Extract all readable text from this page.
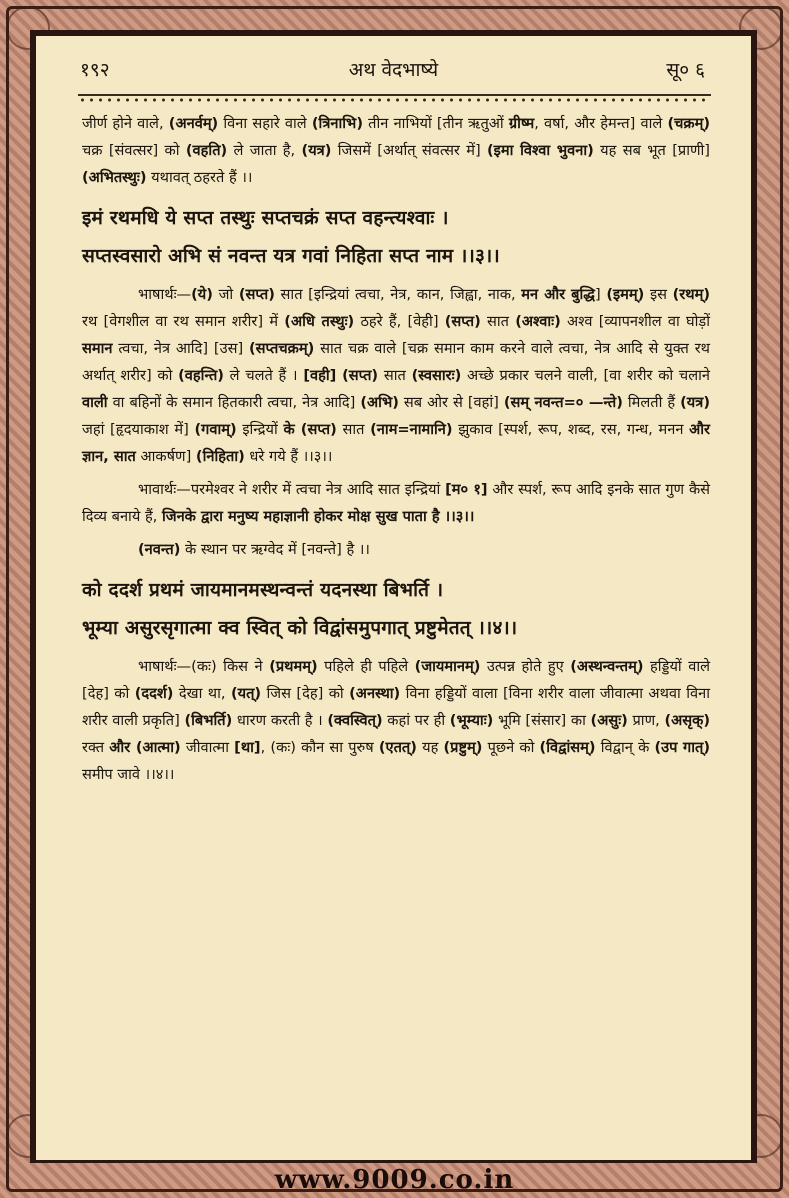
१९२	अथ वेदभाष्ये	सू० ६

जीर्ण होने वाले, (अनर्वम्) विना सहारे वाले (त्रिनाभि) तीन नाभियों [तीन ऋतुओं ग्रीष्म, वर्षा, और हेमन्त] वाले (चक्रम्) चक्र [संवत्सर] को (वहति) ले जाता है, (यत्र) जिसमें [अर्थात् संवत्सर में] (इमा विश्वा भुवना) यह सब भूत [प्राणी] (अभितस्थुः) यथावत् ठहरते हैं ।।

इमं रथमधि ये सप्त तस्थुः सप्तचक्रं सप्त वहन्त्यश्वाः ।

सप्तस्वसारो अभि सं नवन्त यत्र गवां निहिता सप्त नाम ।।३।।

भाषार्थः—(ये) जो (सप्त) सात [इन्द्रियां त्वचा, नेत्र, कान, जिह्वा, नाक, मन और बुद्धि] (इमम्) इस (रथम्) रथ [वेगशील वा रथ समान शरीर] में (अधि तस्थुः) ठहरे हैं, [वेही] (सप्त) सात (अश्वाः) अश्व [व्यापनशील वा घोड़ों समान त्वचा, नेत्र आदि] [उस] (सप्तचक्रम्) सात चक्र वाले [चक्र समान काम करने वाले त्वचा, नेत्र आदि से युक्त रथ अर्थात् शरीर] को (वहन्ति) ले चलते हैं । [वही] (सप्त) सात (स्वसारः) अच्छे प्रकार चलने वाली, [वा शरीर को चलाने वाली वा बहिनों के समान हितकारी त्वचा, नेत्र आदि] (अभि) सब ओर से [वहां] (सम् नवन्त=० —न्ते) मिलती हैं (यत्र) जहां [हृदयाकाश में] (गवाम्) इन्द्रियों के (सप्त) सात (नाम=नामानि) झुकाव [स्पर्श, रूप, शब्द, रस, गन्ध, मनन और ज्ञान, सात आकर्षण] (निहिता) धरे गये हैं ।।३।।

भावार्थः—परमेश्वर ने शरीर में त्वचा नेत्र आदि सात इन्द्रियां [म० १] और स्पर्श, रूप आदि इनके सात गुण कैसे दिव्य बनाये हैं, जिनके द्वारा मनुष्य महाज्ञानी होकर मोक्ष सुख पाता है ।।३।।

(नवन्त) के स्थान पर ऋग्वेद में [नवन्ते] है ।।

को ददर्श प्रथमं जायमानमस्थन्वन्तं यदनस्था बिभर्ति ।

भूम्या असुरसृगात्मा क्व स्वित् को विद्वांसमुपगात् प्रष्टुमेतत् ।।४।।

भाषार्थः—(कः) किस ने (प्रथमम्) पहिले ही पहिले (जायमानम्) उत्पन्न होते हुए (अस्थन्वन्तम्) हड्डियों वाले [देह] को (ददर्श) देखा था, (यत्) जिस [देह] को (अनस्था) विना हड्डियों वाला [विना शरीर वाला जीवात्मा अथवा विना शरीर वाली प्रकृति] (बिभर्ति) धारण करती है । (क्वस्वित्) कहां पर ही (भूम्याः) भूमि [संसार] का (असुः) प्राण, (असृक्) रक्त और (आत्मा) जीवात्मा [था], (कः) कौन सा पुरुष (एतत्) यह (प्रष्टुम्) पूछने को (विद्वांसम्) विद्वान् के (उप गात्) समीप जावे ।।४।।

www.9009.co.in
